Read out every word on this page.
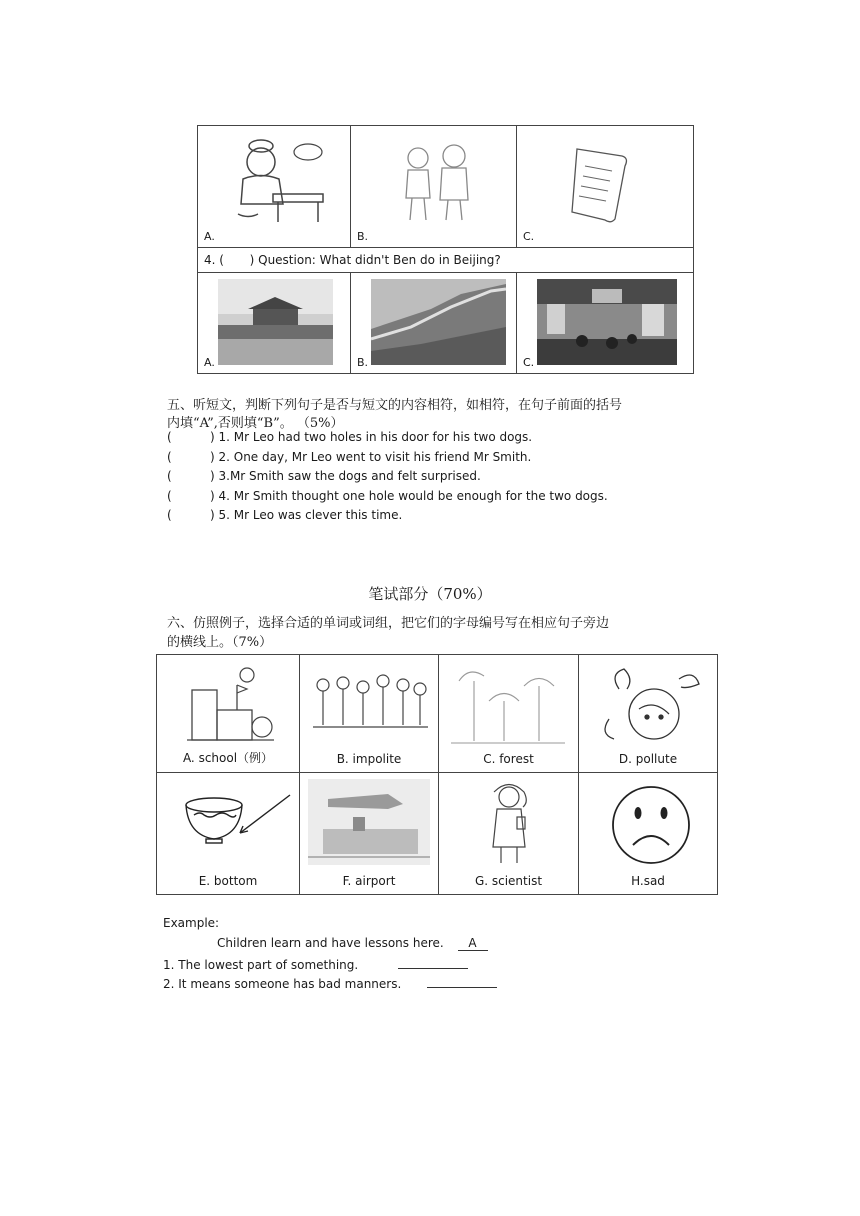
A.	B.	C.

4. ( ) Question: What didn't Ben do in Beijing?		

A.	B.	C.
五、听短文，判断下列句子是否与短文的内容相符，如相符，在句子前面的括号
内填“A”,否则填“B”。 （5%）
(	) 1. Mr Leo had two holes in his door for his two dogs.
(	) 2. One day, Mr Leo went to visit his friend Mr Smith.
(	) 3.Mr Smith saw the dogs and felt surprised.
(	) 4. Mr Smith thought one hole would be enough for the two dogs.
(	) 5. Mr Leo was clever this time.
笔试部分（70%）
六、仿照例子，选择合适的单词或词组，把它们的字母编号写在相应句子旁边
的横线上。（7%）
A. school（例）	B. impolite	C. forest	D. pollute

E. bottom	F. airport	G. scientist	H.sad
Example:
Children learn and have lessons here. A
1. The lowest part of something.
2. It means someone has bad manners.
